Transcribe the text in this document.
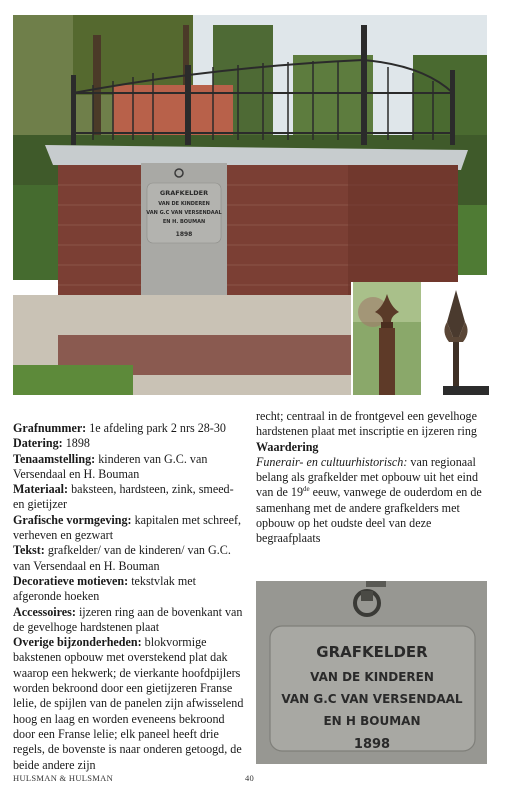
GRAFKELDER
VAN DE KINDEREN
VAN G.C VAN VERSENDAAL
EN H. BOUMAN
1898

Grafnummer: 1e afdeling park 2 nrs 28-30

Datering: 1898

Tenaamstelling: kinderen van G.C. van Versendaal en H. Bouman

Materiaal: baksteen, hardsteen, zink, smeed- en gietijzer

Grafische vormgeving: kapitalen met schreef, verheven en gezwart

Tekst: grafkelder/ van de kinderen/ van G.C. van Versendaal en H. Bouman

Decoratieve motieven: tekstvlak met afgeronde hoeken

Accessoires: ijzeren ring aan de bovenkant van de gevelhoge hardstenen plaat

Overige bijzonderheden: blokvormige bakstenen opbouw met overstekend plat dak waarop een hekwerk; de vierkante hoofdpijlers worden bekroond door een gietijzeren Franse lelie, de spijlen van de panelen zijn afwisselend hoog en laag en worden eveneens bekroond door een Franse lelie; elk paneel heeft drie regels, de bovenste is naar onderen getoogd, de beide andere zijn

recht; centraal in de frontgevel een gevelhoge hardstenen plaat met inscriptie en ijzeren ring

Waardering

Funerair- en cultuurhistorisch: van regionaal belang als grafkelder met opbouw uit het eind van de 19de eeuw, vanwege de ouderdom en de samenhang met de andere grafkelders met opbouw op het oudste deel van deze begraafplaats

GRAFKELDER
VAN DE KINDEREN
VAN G.C VAN VERSENDAAL
EN H BOUMAN
1898
HULSMAN & HULSMAN	40
